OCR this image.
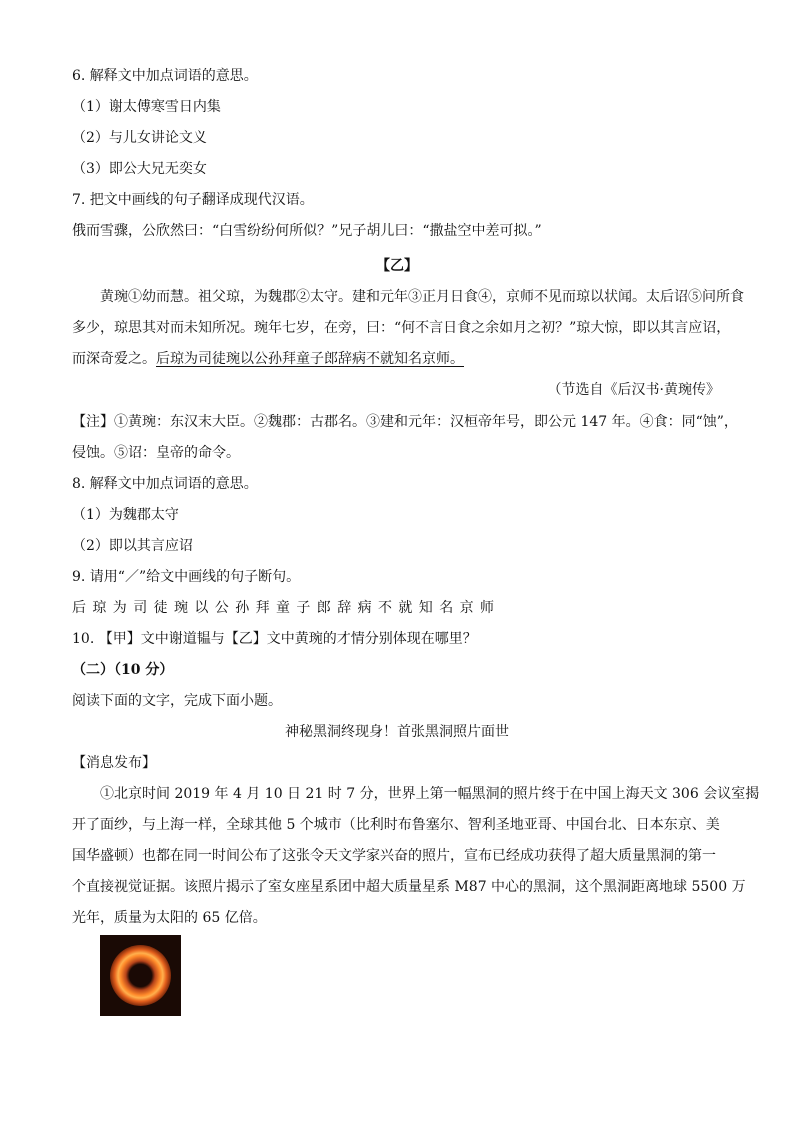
6. 解释文中加点词语的意思。
（1）谢太傅寒雪日内集
（2）与儿女讲论文义
（3）即公大兄无奕女
7. 把文中画线的句子翻译成现代汉语。
俄而雪骤，公欣然曰：“白雪纷纷何所似？”兄子胡儿曰：“撒盐空中差可拟。”
【乙】
黄琬①幼而慧。祖父琼，为魏郡②太守。建和元年③正月日食④，京师不见而琼以状闻。太后诏⑤问所食
多少，琼思其对而未知所况。琬年七岁，在旁，曰：“何不言日食之余如月之初？”琼大惊，即以其言应诏，
而深奇爱之。后琼为司徒琬以公孙拜童子郎辞病不就知名京师。
（节选自《后汉书·黄琬传》
【注】①黄琬：东汉末大臣。②魏郡：古郡名。③建和元年：汉桓帝年号，即公元 147 年。④食：同“蚀”，
侵蚀。⑤诏：皇帝的命令。
8. 解释文中加点词语的意思。
（1）为魏郡太守
（2）即以其言应诏
9. 请用“／”给文中画线的句子断句。
后琼为司徒琬以公孙拜童子郎辞病不就知名京师
10. 【甲】文中谢道韫与【乙】文中黄琬的才情分别体现在哪里？
（二）（10 分）
阅读下面的文字，完成下面小题。
神秘黑洞终现身！首张黑洞照片面世
【消息发布】
①北京时间 2019 年 4 月 10 日 21 时 7 分，世界上第一幅黑洞的照片终于在中国上海天文 306 会议室揭
开了面纱，与上海一样，全球其他 5 个城市（比利时布鲁塞尔、智利圣地亚哥、中国台北、日本东京、美
国华盛顿）也都在同一时间公布了这张令天文学家兴奋的照片，宣布已经成功获得了超大质量黑洞的第一
个直接视觉证据。该照片揭示了室女座星系团中超大质量星系 M87 中心的黑洞，这个黑洞距离地球 5500 万
光年，质量为太阳的 65 亿倍。
